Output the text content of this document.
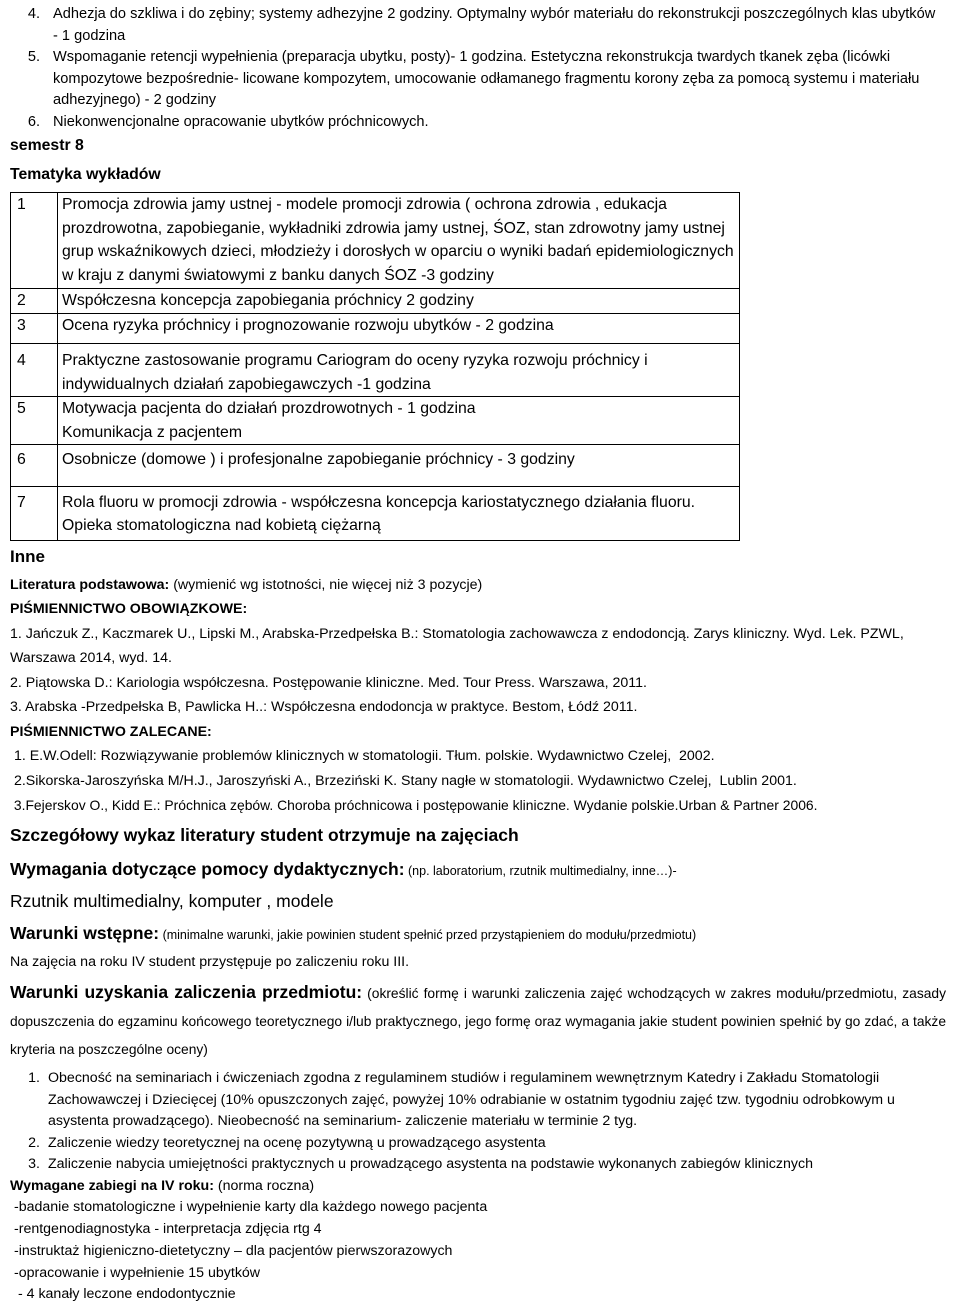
4. Adhezja do szkliwa i do zębiny; systemy adhezyjne 2 godziny. Optymalny wybór materiału do rekonstrukcji poszczególnych klas ubytków - 1 godzina
5. Wspomaganie retencji wypełnienia (preparacja ubytku, posty)- 1 godzina. Estetyczna rekonstrukcja twardych tkanek zęba (licówki kompozytowe bezpośrednie- licowane kompozytem, umocowanie odłamanego fragmentu korony zęba za pomocą systemu i materiału adhezyjnego) - 2 godziny
6. Niekonwencjonalne opracowanie ubytków próchnicowych.
semestr 8
Tematyka wykładów
1	Promocja zdrowia jamy ustnej - modele promocji zdrowia ( ochrona zdrowia , edukacja prozdrowotna, zapobieganie, wykładniki zdrowia jamy ustnej, ŚOZ, stan zdrowotny jamy ustnej grup wskaźnikowych dzieci, młodzieży i dorosłych w oparciu o wyniki badań epidemiologicznych w kraju z danymi światowymi z banku danych ŚOZ -3 godziny
2	Współczesna koncepcja zapobiegania próchnicy 2 godziny
3	Ocena ryzyka próchnicy i prognozowanie rozwoju ubytków - 2 godzina
4	Praktyczne zastosowanie programu Cariogram do oceny ryzyka rozwoju próchnicy i indywidualnych działań zapobiegawczych -1 godzina
5	Motywacja pacjenta do działań prozdrowotnych - 1 godzina
Komunikacja z pacjentem

6	Osobnicze (domowe ) i profesjonalne zapobieganie próchnicy - 3 godziny
7	Rola fluoru w promocji zdrowia - współczesna koncepcja kariostatycznego działania fluoru. Opieka stomatologiczna nad kobietą ciężarną
Inne
Literatura podstawowa: (wymienić wg istotności, nie więcej niż 3 pozycje)
PIŚMIENNICTWO OBOWIĄZKOWE:
1. Jańczuk Z., Kaczmarek U., Lipski M., Arabska-Przedpełska B.: Stomatologia zachowawcza z endodoncją. Zarys kliniczny. Wyd. Lek. PZWL, Warszawa 2014, wyd. 14.
2. Piątowska D.: Kariologia współczesna. Postępowanie kliniczne. Med. Tour Press. Warszawa, 2011.
3. Arabska -Przedpełska B, Pawlicka H..: Współczesna endodoncja w praktyce. Bestom, Łódź 2011.
PIŚMIENNICTWO ZALECANE:
1. E.W.Odell: Rozwiązywanie problemów klinicznych w stomatologii. Tłum. polskie. Wydawnictwo Czelej,  2002.
2.Sikorska-Jaroszyńska M/H.J., Jaroszyński A., Brzeziński K. Stany nagłe w stomatologii. Wydawnictwo Czelej,  Lublin 2001.
3.Fejerskov O., Kidd E.: Próchnica zębów. Choroba próchnicowa i postępowanie kliniczne. Wydanie polskie.Urban & Partner 2006.
Szczegółowy wykaz literatury student otrzymuje na zajęciach
Wymagania dotyczące pomocy dydaktycznych: (np. laboratorium, rzutnik multimedialny, inne…)-
Rzutnik multimedialny, komputer , modele
Warunki wstępne: (minimalne warunki, jakie powinien student spełnić przed przystąpieniem do modułu/przedmiotu)
Na zajęcia na roku IV student przystępuje po zaliczeniu roku III.
Warunki uzyskania zaliczenia przedmiotu: (określić formę i warunki zaliczenia zajęć wchodzących w zakres modułu/przedmiotu, zasady dopuszczenia do egzaminu końcowego teoretycznego i/lub praktycznego, jego formę oraz wymagania jakie student powinien spełnić by go zdać, a także kryteria na poszczególne oceny)
1. Obecność na seminariach i ćwiczeniach zgodna z regulaminem studiów i regulaminem wewnętrznym Katedry i Zakładu Stomatologii Zachowawczej i Dziecięcej (10% opuszczonych zajęć, powyżej 10% odrabianie w ostatnim tygodniu zajęć tzw. tygodniu odrobkowym u asystenta prowadzącego). Nieobecność na seminarium- zaliczenie materiału w terminie 2 tyg.
2. Zaliczenie wiedzy teoretycznej na ocenę pozytywną u prowadzącego asystenta
3. Zaliczenie nabycia umiejętności praktycznych u prowadzącego asystenta na podstawie wykonanych zabiegów klinicznych
Wymagane zabiegi na IV roku: (norma roczna)
-badanie stomatologiczne i wypełnienie karty dla każdego nowego pacjenta
-rentgenodiagnostyka - interpretacja zdjęcia rtg 4
-instruktaż higieniczno-dietetyczny – dla pacjentów pierwszorazowych
-opracowanie i wypełnienie 15 ubytków
- 4 kanały leczone endodontycznie
